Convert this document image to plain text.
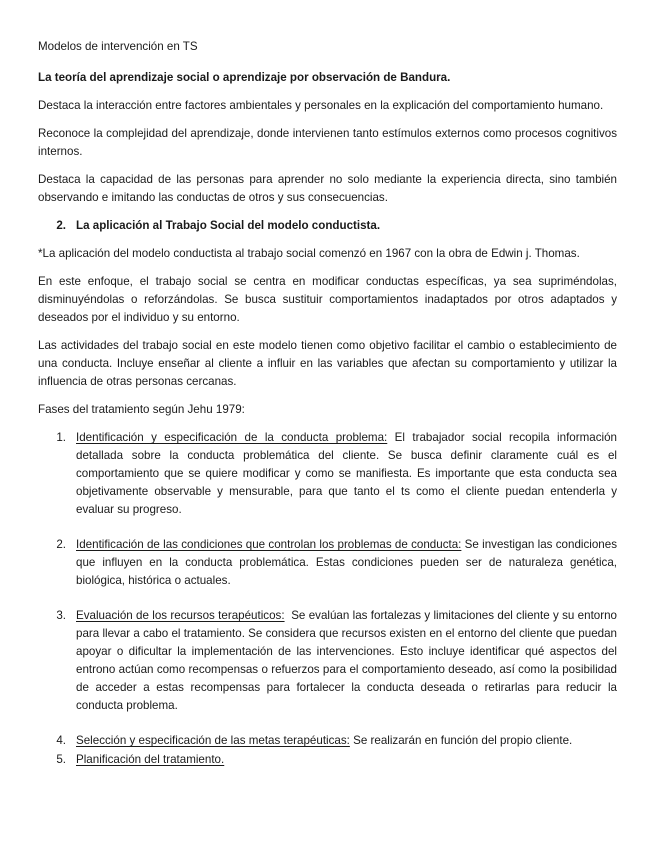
Modelos de intervención en TS

La teoría del aprendizaje social o aprendizaje por observación de Bandura.

Destaca la interacción entre factores ambientales y personales en la explicación del comportamiento humano.

Reconoce la complejidad del aprendizaje, donde intervienen tanto estímulos externos como procesos cognitivos internos.

Destaca la capacidad de las personas para aprender no solo mediante la experiencia directa, sino también observando e imitando las conductas de otros y sus consecuencias.

2. La aplicación al Trabajo Social del modelo conductista.

*La aplicación del modelo conductista al trabajo social comenzó en 1967 con la obra de Edwin j. Thomas.

En este enfoque, el trabajo social se centra en modificar conductas específicas, ya sea supriméndolas, disminuyéndolas o reforzándolas. Se busca sustituir comportamientos inadaptados por otros adaptados y deseados por el individuo y su entorno.

Las actividades del trabajo social en este modelo tienen como objetivo facilitar el cambio o establecimiento de una conducta. Incluye enseñar al cliente a influir en las variables que afectan su comportamiento y utilizar la influencia de otras personas cercanas.

Fases del tratamiento según Jehu 1979:

1. Identificación y especificación de la conducta problema: El trabajador social recopila información detallada sobre la conducta problemática del cliente. Se busca definir claramente cuál es el comportamiento que se quiere modificar y como se manifiesta. Es importante que esta conducta sea objetivamente observable y mensurable, para que tanto el ts como el cliente puedan entenderla y evaluar su progreso.
2. Identificación de las condiciones que controlan los problemas de conducta: Se investigan las condiciones que influyen en la conducta problemática. Estas condiciones pueden ser de naturaleza genética, biológica, histórica o actuales.
3. Evaluación de los recursos terapéuticos:  Se evalúan las fortalezas y limitaciones del cliente y su entorno para llevar a cabo el tratamiento. Se considera que recursos existen en el entorno del cliente que puedan apoyar o dificultar la implementación de las intervenciones. Esto incluye identificar qué aspectos del entrono actúan como recompensas o refuerzos para el comportamiento deseado, así como la posibilidad de acceder a estas recompensas para fortalecer la conducta deseada o retirarlas para reducir la conducta problema.
4. Selección y especificación de las metas terapéuticas: Se realizarán en función del propio cliente.
5. Planificación del tratamiento.
